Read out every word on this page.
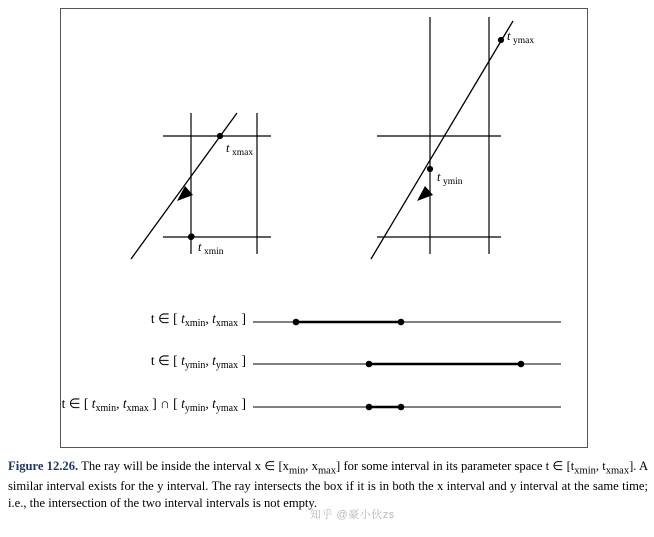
t xmin
t xmax
t ymin
t ymax
t ∈ [ $t_{xmin}$, $t_{xmax}$ ]
t ∈ [ $t_{ymin}$, $t_{ymax}$ ]
t ∈ [ $t_{xmin}$, $t_{xmax}$ ] ∩ [ $t_{ymin}$, $t_{ymax}$ ]
Figure 12.26. The ray will be inside the interval x ∈ [$x_{min}$, $x_{max}$] for some interval in its parameter space t ∈ [$t_{xmin}$, $t_{xmax}$]. A similar interval exists for the y interval. The ray intersects the box if it is in both the x interval and y interval at the same time; i.e., the intersection of the two interval intervals is not empty.
知乎 @豪小伙zs
